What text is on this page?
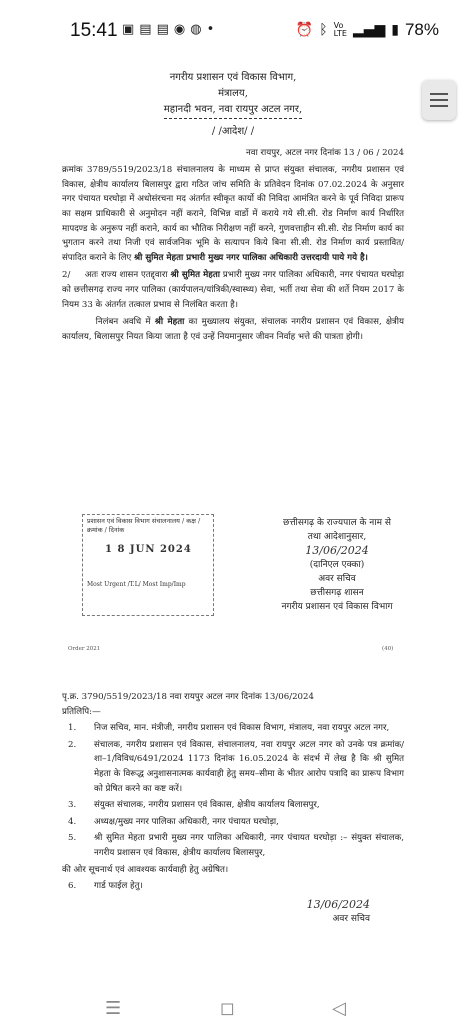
15:41 ▣▤▤◉◍•	⏰ ᛒ Vo
LTE ▂▄▆ ▮ 78%
नगरीय प्रशासन एवं विकास विभाग,
मंत्रालय,
महानदी भवन, नवा रायपुर अटल नगर,
/ /आदेश/ /
नवा रायपुर, अटल नगर दिनांक 13 / 06 / 2024
क्रमांक 3789/5519/2023/18 संचालनालय के माध्यम से प्राप्त संयुक्त संचालक, नगरीय प्रशासन एवं विकास, क्षेत्रीय कार्यालय बिलासपुर द्वारा गठित जांच समिति के प्रतिवेदन दिनांक 07.02.2024 के अनुसार नगर पंचायत घरघोड़ा में अधोसंरचना मद अंतर्गत स्वीकृत कार्यो की निविदा आमंत्रित करने के पूर्व निविदा प्रारूप का सक्षम प्राधिकारी से अनुमोदन नहीं कराने, विभिन्न वार्डो में कराये गये सी.सी. रोड निर्माण कार्य निर्धारित मापदण्ड के अनुरूप नहीं कराने, कार्य का भौतिक निरीक्षण नहीं करने, गुणवत्ताहीन सी.सी. रोड निर्माण कार्य का भुगतान करने तथा निजी एवं सार्वजनिक भूमि के सत्यापन किये बिना सी.सी. रोड निर्माण कार्य प्रस्तावित/संपादित कराने के लिए श्री सुमित मेहता प्रभारी मुख्य नगर पालिका अधिकारी उत्तरदायी पाये गये है।
2/ अतः राज्य शासन एतद्द्वारा श्री सुमित मेहता प्रभारी मुख्य नगर पालिका अधिकारी, नगर पंचायत घरघोड़ा को छत्तीसगढ़ राज्य नगर पालिका (कार्यपालन/यांत्रिकी/स्वास्थ्य) सेवा, भर्ती तथा सेवा की शर्ते नियम 2017 के नियम 33 के अंतर्गत तत्काल प्रभाव से निलंबित करता है।
निलंबन अवधि में श्री मेहता का मुख्यालय संयुक्त, संचालक नगरीय प्रशासन एवं विकास, क्षेत्रीय कार्यालय, बिलासपुर नियत किया जाता है एवं उन्हें नियमानुसार जीवन निर्वाह भत्ते की पात्रता होगी।
प्रशासन एवं विकास विभाग संचालनालय / कक्ष / क्रमांक / दिनांक
1 8 JUN 2024
Most Urgent /T.L/ Most Imp/Imp
छत्तीसगढ़ के राज्यपाल के नाम से
तथा आदेशानुसार,
13/06/2024
(दानिएल एक्का)
अवर सचिव
छत्तीसगढ़ शासन
नगरीय प्रशासन एवं विकास विभाग
Order 2021	(40)
पृ.क्र. 3790/5519/2023/18 नवा रायपुर अटल नगर दिनांक 13/06/2024
प्रतिलिपि:—
1.	निज सचिव, मान. मंत्रीजी, नगरीय प्रशासन एवं विकास विभाग, मंत्रालय, नवा रायपुर अटल नगर,
2.	संचालक, नगरीय प्रशासन एवं विकास, संचालनालय, नवा रायपुर अटल नगर को उनके पत्र क्रमांक/शा–1/विविध/6491/2024 1173 दिनांक 16.05.2024 के संदर्भ में लेख है कि श्री सुमित मेहता के विरूद्ध अनुशासनात्मक कार्यवाही हेतु समय–सीमा के भीतर आरोप पत्रादि का प्रारूप विभाग को प्रेषित करने का कष्ट करें।
3.	संयुक्त संचालक, नगरीय प्रशासन एवं विकास, क्षेत्रीय कार्यालय बिलासपुर,
4.	अध्यक्ष/मुख्य नगर पालिका अधिकारी, नगर पंचायत घरघोड़ा,
5.	श्री सुमित मेहता प्रभारी मुख्य नगर पालिका अधिकारी, नगर पंचायत घरघोड़ा :– संयुक्त संचालक, नगरीय प्रशासन एवं विकास, क्षेत्रीय कार्यालय बिलासपुर,
की ओर सूचनार्थ एवं आवश्यक कार्यवाही हेतु अग्रेषित।
6.	गार्ड फाईल हेतु।
13/06/2024
अवर सचिव
☰	◻	◁
